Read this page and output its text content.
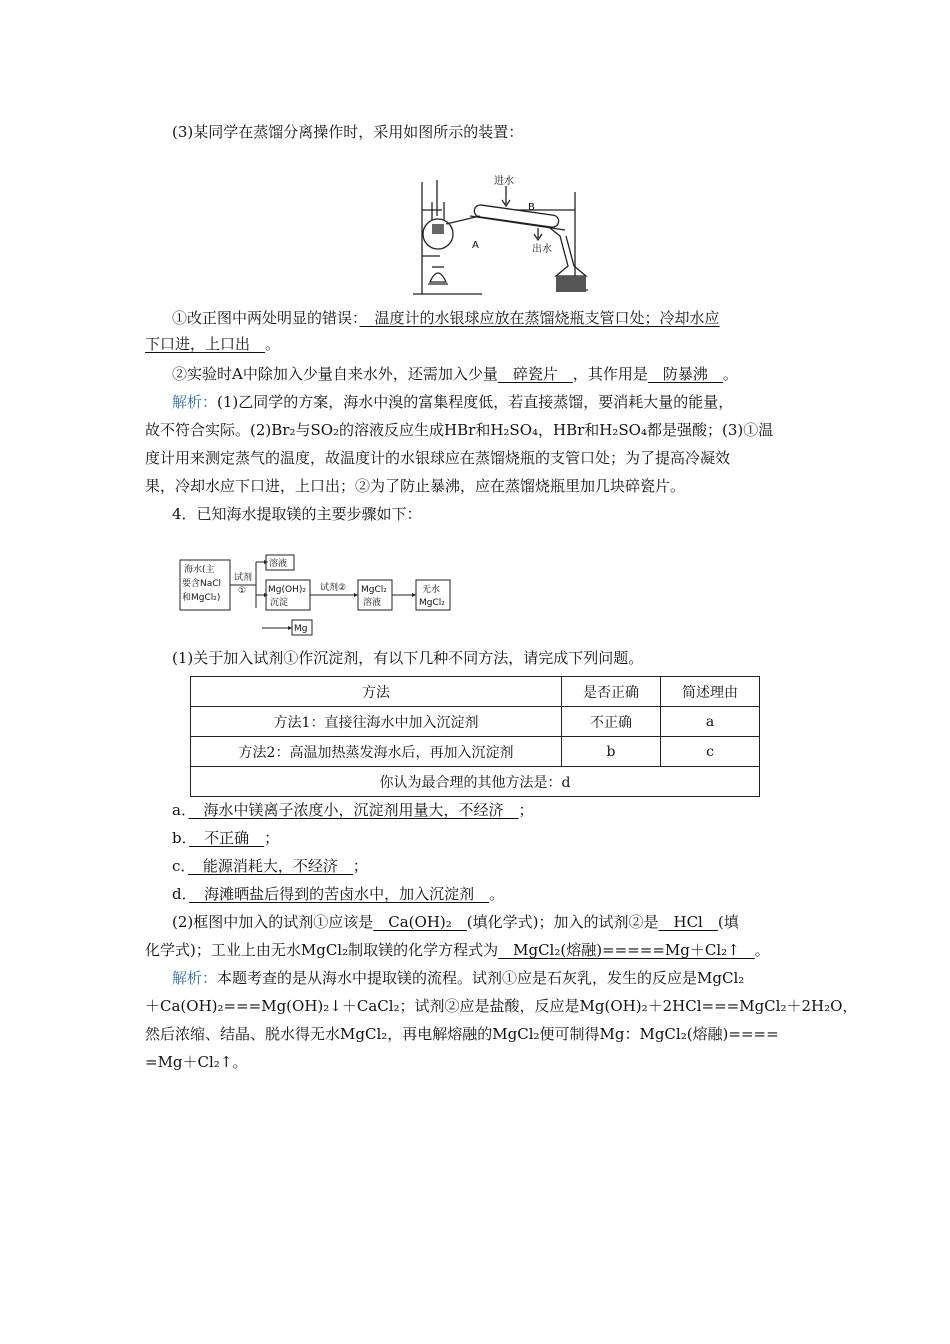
(3)某同学在蒸馏分离操作时，采用如图所示的装置：
进水
B
A	出水
①改正图中两处明显的错误：　温度计的水银球应放在蒸馏烧瓶支管口处；冷却水应
下口进，上口出　。
②实验时A中除加入少量自来水外，还需加入少量　碎瓷片　，其作用是　防暴沸　。
解析：(1)乙同学的方案，海水中溴的富集程度低，若直接蒸馏，要消耗大量的能量，
故不符合实际。(2)Br₂与SO₂的溶液反应生成HBr和H₂SO₄，HBr和H₂SO₄都是强酸；(3)①温
度计用来测定蒸气的温度，故温度计的水银球应在蒸馏烧瓶的支管口处；为了提高冷凝效
果，冷却水应下口进，上口出；②为了防止暴沸，应在蒸馏烧瓶里加几块碎瓷片。
4．已知海水提取镁的主要步骤如下：
海水(主
要含NaCl
和MgCl₂)
试剂
①
溶液
Mg(OH)₂
沉淀
试剂② MgCl₂
溶液
无水
MgCl₂
Mg
(1)关于加入试剂①作沉淀剂，有以下几种不同方法，请完成下列问题。
方法	是否正确	简述理由
方法1：直接往海水中加入沉淀剂	不正确	a
方法2：高温加热蒸发海水后，再加入沉淀剂	b	c
你认为最合理的其他方法是：d		
a．　海水中镁离子浓度小，沉淀剂用量大，不经济　；
b．　不正确　；
c．　能源消耗大，不经济　；
d．　海滩晒盐后得到的苦卤水中，加入沉淀剂　。
(2)框图中加入的试剂①应该是　Ca(OH)₂　(填化学式)；加入的试剂②是　HCl　(填
化学式)；工业上由无水MgCl₂制取镁的化学方程式为　MgCl₂(熔融)=====Mg＋Cl₂↑　。
解析：本题考查的是从海水中提取镁的流程。试剂①应是石灰乳，发生的反应是MgCl₂
＋Ca(OH)₂===Mg(OH)₂↓＋CaCl₂；试剂②应是盐酸，反应是Mg(OH)₂＋2HCl===MgCl₂＋2H₂O，
然后浓缩、结晶、脱水得无水MgCl₂，再电解熔融的MgCl₂便可制得Mg：MgCl₂(熔融)====
=Mg＋Cl₂↑。
